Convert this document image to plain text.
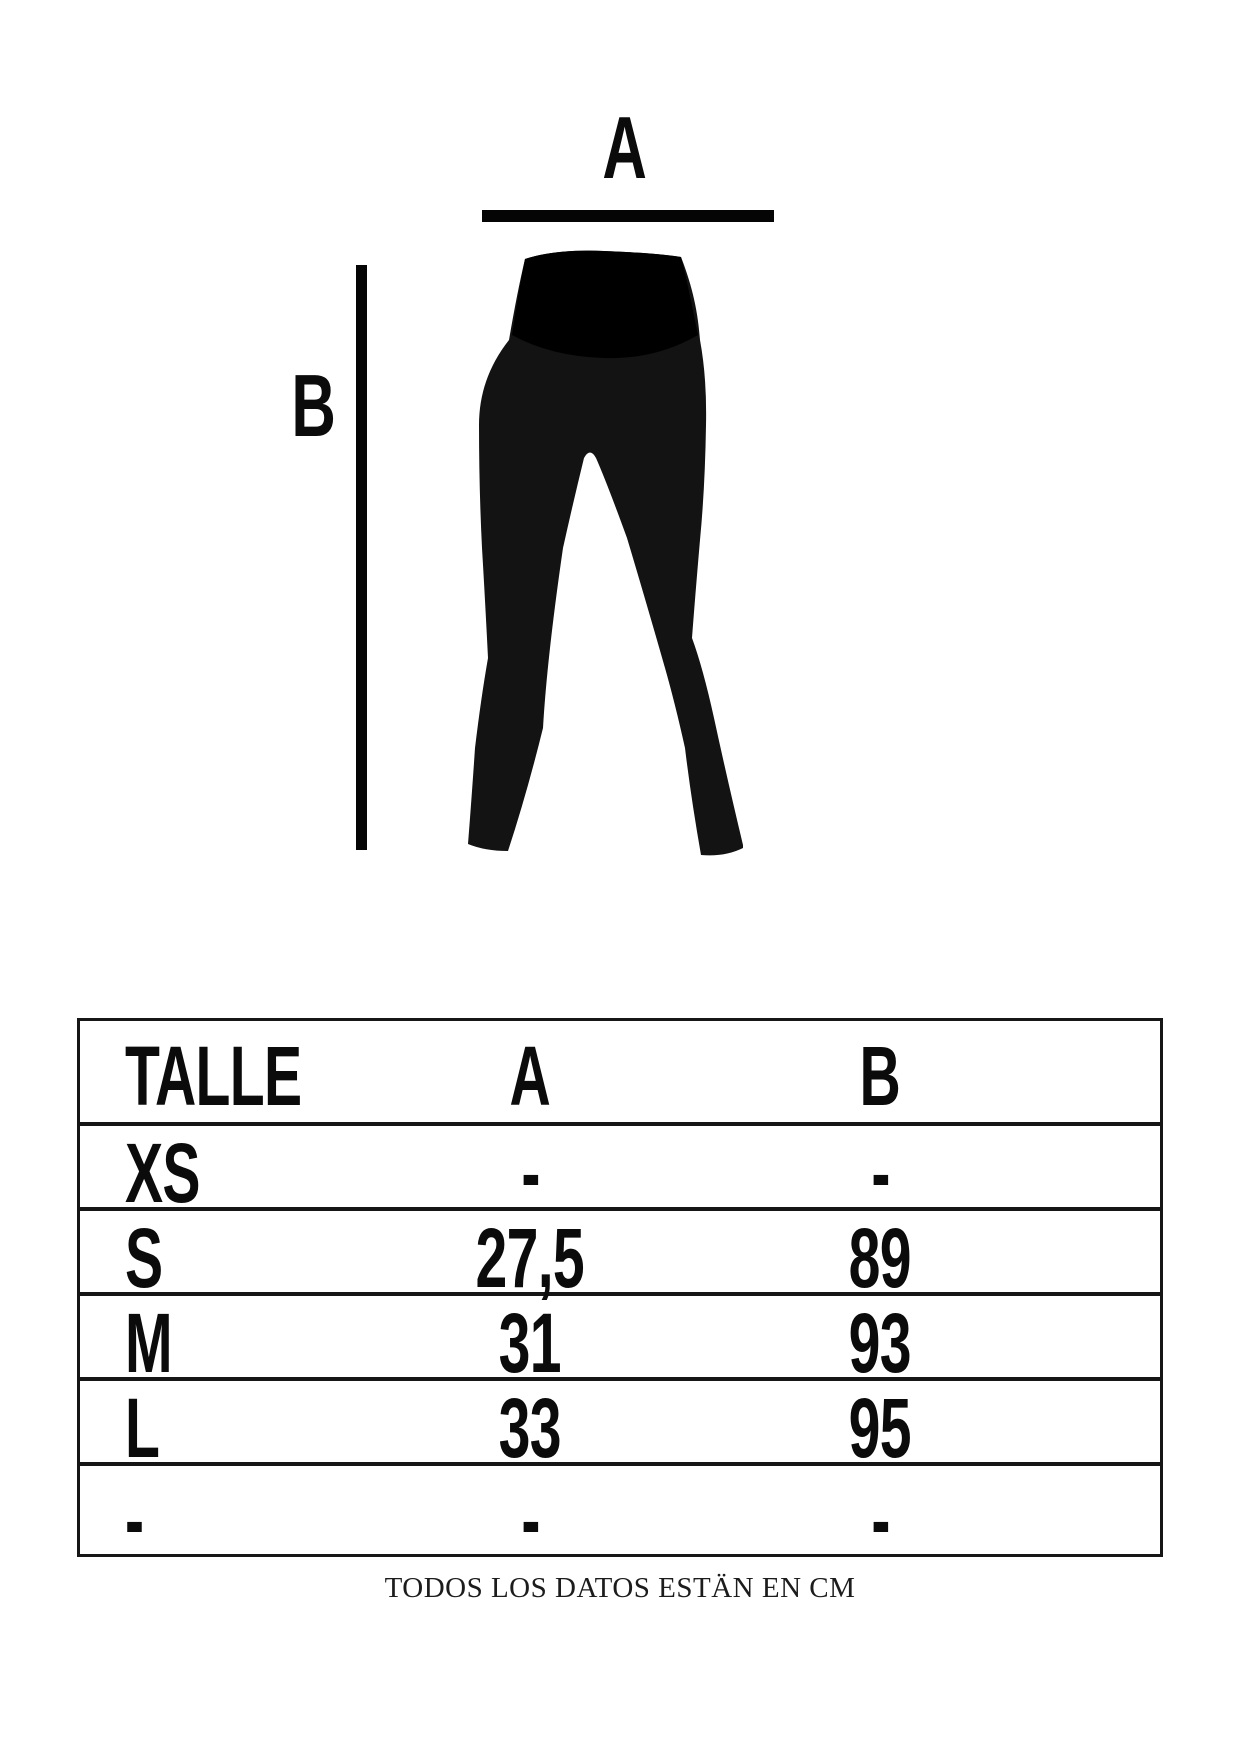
A
B
TALLE	A	B
XS	-	-
S	27,5	89
M	31	93
L	33	95
-	-	-
TODOS LOS DATOS ESTÄN EN CM
